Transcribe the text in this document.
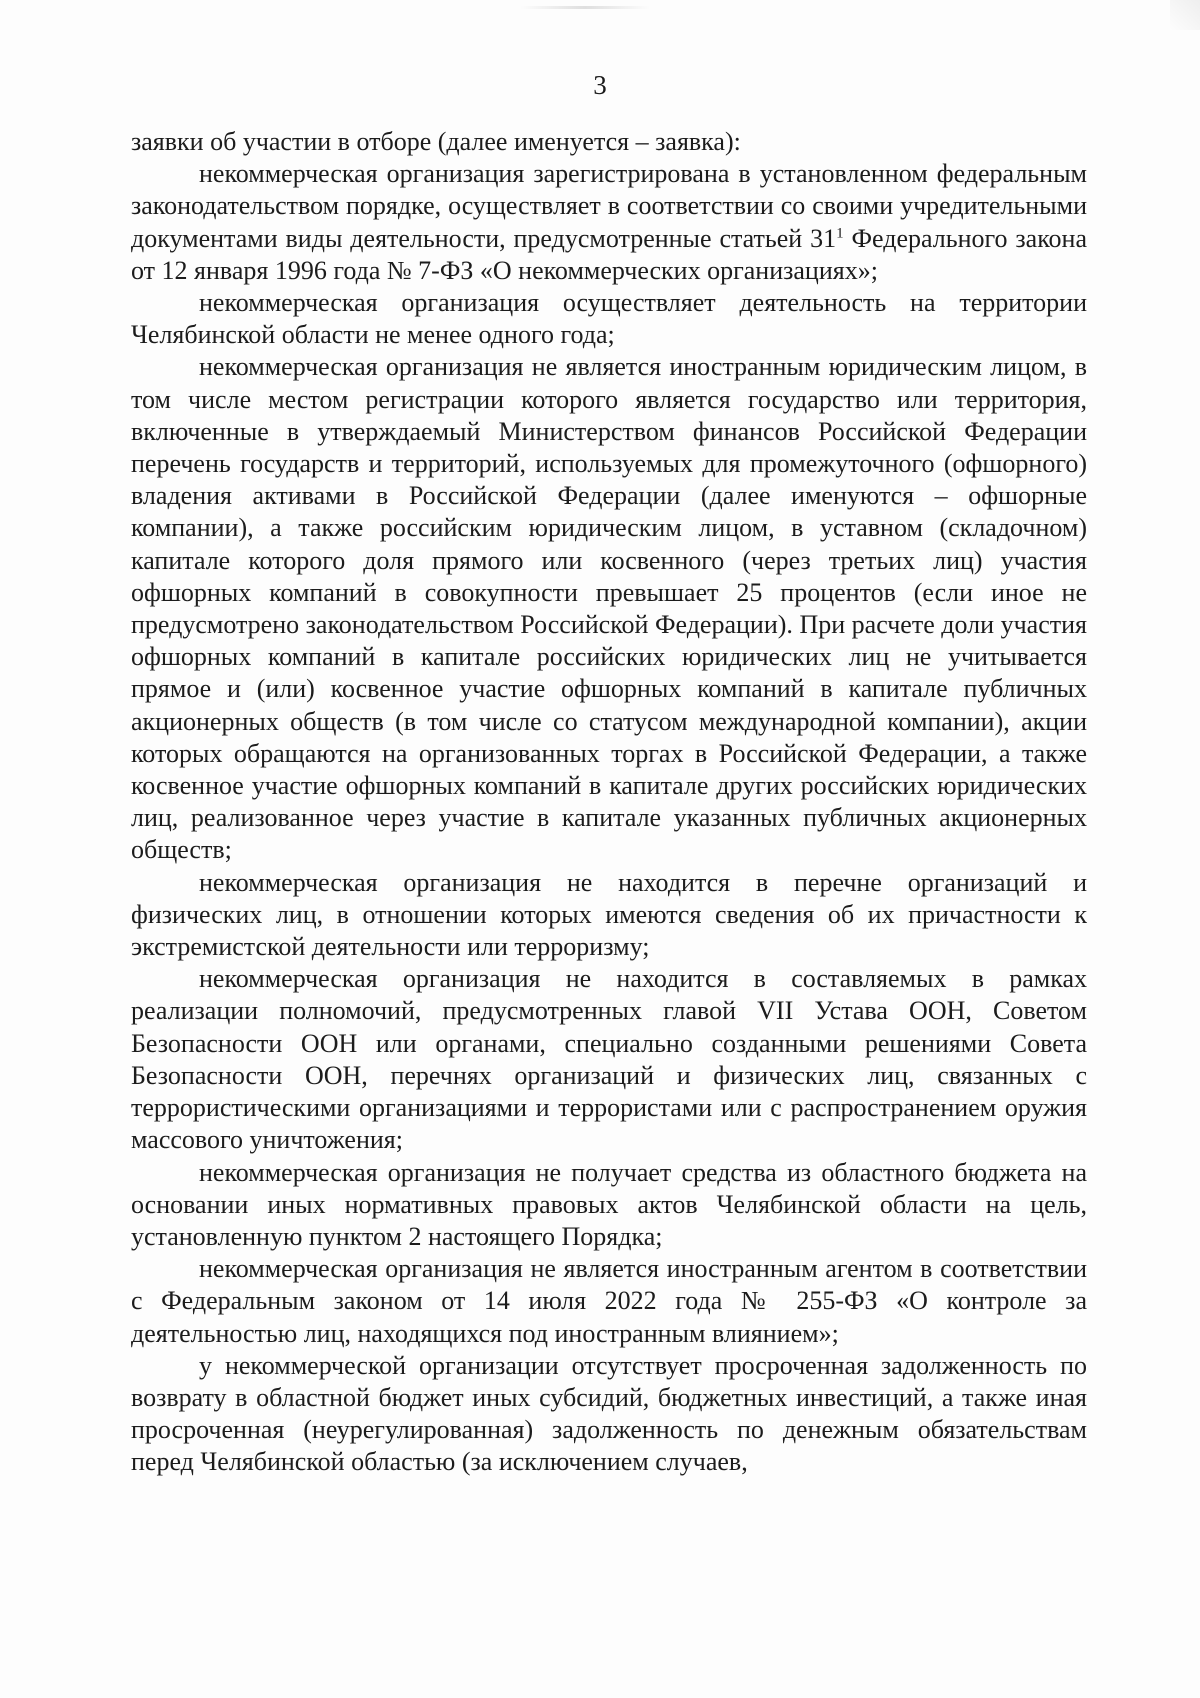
3

заявки об участии в отборе (далее именуется – заявка):

некоммерческая организация зарегистрирована в установленном федеральным законодательством порядке, осуществляет в соответствии со своими учредительными документами виды деятельности, предусмотренные статьей $31^1$ Федерального закона от 12 января 1996 года № 7-ФЗ «О некоммерческих организациях»;

некоммерческая организация осуществляет деятельность на территории Челябинской области не менее одного года;

некоммерческая организация не является иностранным юридическим лицом, в том числе местом регистрации которого является государство или территория, включенные в утверждаемый Министерством финансов Российской Федерации перечень государств и территорий, используемых для промежуточного (офшорного) владения активами в Российской Федерации (далее именуются – офшорные компании), а также российским юридическим лицом, в уставном (складочном) капитале которого доля прямого или косвенного (через третьих лиц) участия офшорных компаний в совокупности превышает 25 процентов (если иное не предусмотрено законодательством Российской Федерации). При расчете доли участия офшорных компаний в капитале российских юридических лиц не учитывается прямое и (или) косвенное участие офшорных компаний в капитале публичных акционерных обществ (в том числе со статусом международной компании), акции которых обращаются на организованных торгах в Российской Федерации, а также косвенное участие офшорных компаний в капитале других российских юридических лиц, реализованное через участие в капитале указанных публичных акционерных обществ;

некоммерческая организация не находится в перечне организаций и физических лиц, в отношении которых имеются сведения об их причастности к экстремистской деятельности или терроризму;

некоммерческая организация не находится в составляемых в рамках реализации полномочий, предусмотренных главой VII Устава ООН, Советом Безопасности ООН или органами, специально созданными решениями Совета Безопасности ООН, перечнях организаций и физических лиц, связанных с террористическими организациями и террористами или с распространением оружия массового уничтожения;

некоммерческая организация не получает средства из областного бюджета на основании иных нормативных правовых актов Челябинской области на цель, установленную пунктом 2 настоящего Порядка;

некоммерческая организация не является иностранным агентом в соответствии с Федеральным законом от 14 июля 2022 года № 255-ФЗ «О контроле за деятельностью лиц, находящихся под иностранным влиянием»;

у некоммерческой организации отсутствует просроченная задолженность по возврату в областной бюджет иных субсидий, бюджетных инвестиций, а также иная просроченная (неурегулированная) задолженность по денежным обязательствам перед Челябинской областью (за исключением случаев,
